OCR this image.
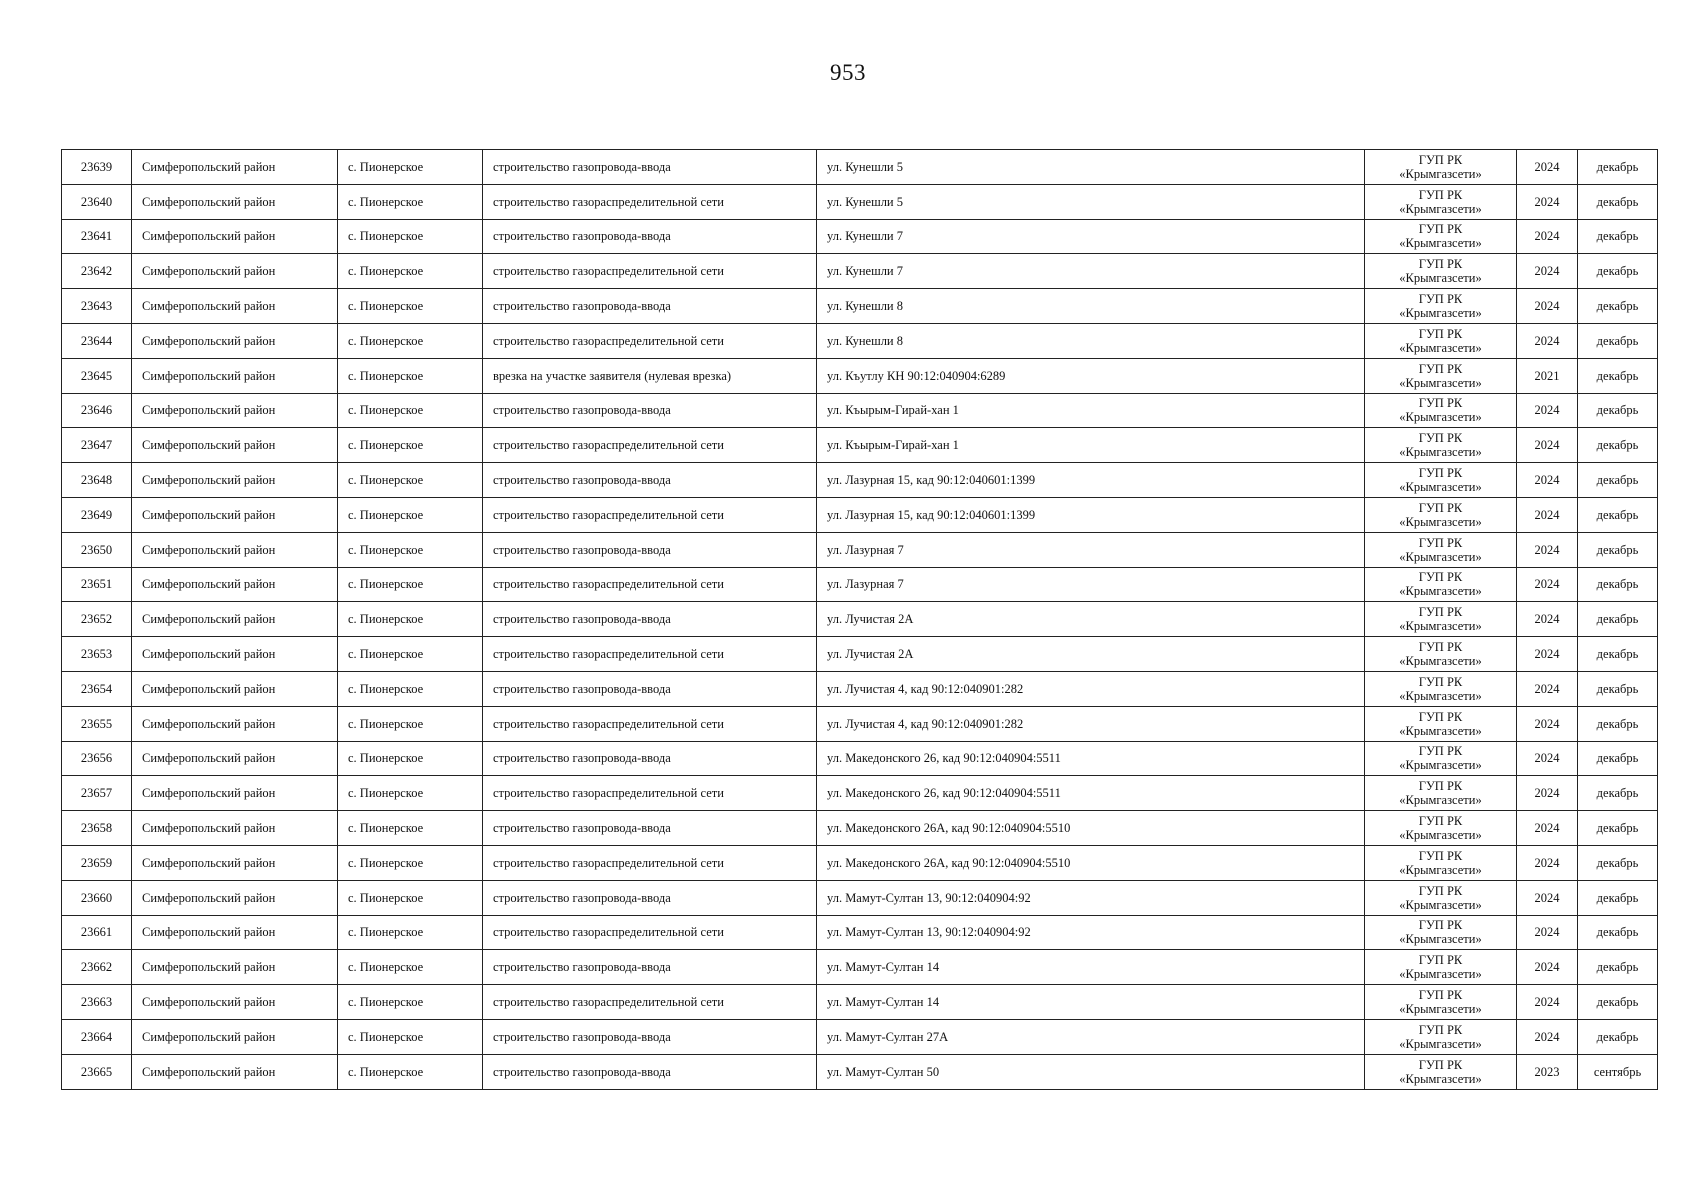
953
23639	Симферопольский район	с. Пионерское	строительство газопровода-ввода	ул. Кунешли 5	ГУП РК
«Крымгазсети»	2024	декабрь
23640	Симферопольский район	с. Пионерское	строительство газораспределительной сети	ул. Кунешли 5	ГУП РК
«Крымгазсети»	2024	декабрь
23641	Симферопольский район	с. Пионерское	строительство газопровода-ввода	ул. Кунешли 7	ГУП РК
«Крымгазсети»	2024	декабрь
23642	Симферопольский район	с. Пионерское	строительство газораспределительной сети	ул. Кунешли 7	ГУП РК
«Крымгазсети»	2024	декабрь
23643	Симферопольский район	с. Пионерское	строительство газопровода-ввода	ул. Кунешли 8	ГУП РК
«Крымгазсети»	2024	декабрь
23644	Симферопольский район	с. Пионерское	строительство газораспределительной сети	ул. Кунешли 8	ГУП РК
«Крымгазсети»	2024	декабрь
23645	Симферопольский район	с. Пионерское	врезка на участке заявителя (нулевая врезка)	ул. Къутлу КН 90:12:040904:6289	ГУП РК
«Крымгазсети»	2021	декабрь
23646	Симферопольский район	с. Пионерское	строительство газопровода-ввода	ул. Къырым-Гирай-хан 1	ГУП РК
«Крымгазсети»	2024	декабрь
23647	Симферопольский район	с. Пионерское	строительство газораспределительной сети	ул. Къырым-Гирай-хан 1	ГУП РК
«Крымгазсети»	2024	декабрь
23648	Симферопольский район	с. Пионерское	строительство газопровода-ввода	ул. Лазурная 15, кад 90:12:040601:1399	ГУП РК
«Крымгазсети»	2024	декабрь
23649	Симферопольский район	с. Пионерское	строительство газораспределительной сети	ул. Лазурная 15, кад 90:12:040601:1399	ГУП РК
«Крымгазсети»	2024	декабрь
23650	Симферопольский район	с. Пионерское	строительство газопровода-ввода	ул. Лазурная 7	ГУП РК
«Крымгазсети»	2024	декабрь
23651	Симферопольский район	с. Пионерское	строительство газораспределительной сети	ул. Лазурная 7	ГУП РК
«Крымгазсети»	2024	декабрь
23652	Симферопольский район	с. Пионерское	строительство газопровода-ввода	ул. Лучистая 2А	ГУП РК
«Крымгазсети»	2024	декабрь
23653	Симферопольский район	с. Пионерское	строительство газораспределительной сети	ул. Лучистая 2А	ГУП РК
«Крымгазсети»	2024	декабрь
23654	Симферопольский район	с. Пионерское	строительство газопровода-ввода	ул. Лучистая 4, кад 90:12:040901:282	ГУП РК
«Крымгазсети»	2024	декабрь
23655	Симферопольский район	с. Пионерское	строительство газораспределительной сети	ул. Лучистая 4, кад 90:12:040901:282	ГУП РК
«Крымгазсети»	2024	декабрь
23656	Симферопольский район	с. Пионерское	строительство газопровода-ввода	ул. Македонского 26, кад 90:12:040904:5511	ГУП РК
«Крымгазсети»	2024	декабрь
23657	Симферопольский район	с. Пионерское	строительство газораспределительной сети	ул. Македонского 26, кад 90:12:040904:5511	ГУП РК
«Крымгазсети»	2024	декабрь
23658	Симферопольский район	с. Пионерское	строительство газопровода-ввода	ул. Македонского 26А, кад 90:12:040904:5510	ГУП РК
«Крымгазсети»	2024	декабрь
23659	Симферопольский район	с. Пионерское	строительство газораспределительной сети	ул. Македонского 26А, кад 90:12:040904:5510	ГУП РК
«Крымгазсети»	2024	декабрь
23660	Симферопольский район	с. Пионерское	строительство газопровода-ввода	ул. Мамут-Султан 13, 90:12:040904:92	ГУП РК
«Крымгазсети»	2024	декабрь
23661	Симферопольский район	с. Пионерское	строительство газораспределительной сети	ул. Мамут-Султан 13, 90:12:040904:92	ГУП РК
«Крымгазсети»	2024	декабрь
23662	Симферопольский район	с. Пионерское	строительство газопровода-ввода	ул. Мамут-Султан 14	ГУП РК
«Крымгазсети»	2024	декабрь
23663	Симферопольский район	с. Пионерское	строительство газораспределительной сети	ул. Мамут-Султан 14	ГУП РК
«Крымгазсети»	2024	декабрь
23664	Симферопольский район	с. Пионерское	строительство газопровода-ввода	ул. Мамут-Султан 27А	ГУП РК
«Крымгазсети»	2024	декабрь
23665	Симферопольский район	с. Пионерское	строительство газопровода-ввода	ул. Мамут-Султан 50	ГУП РК
«Крымгазсети»	2023	сентябрь
